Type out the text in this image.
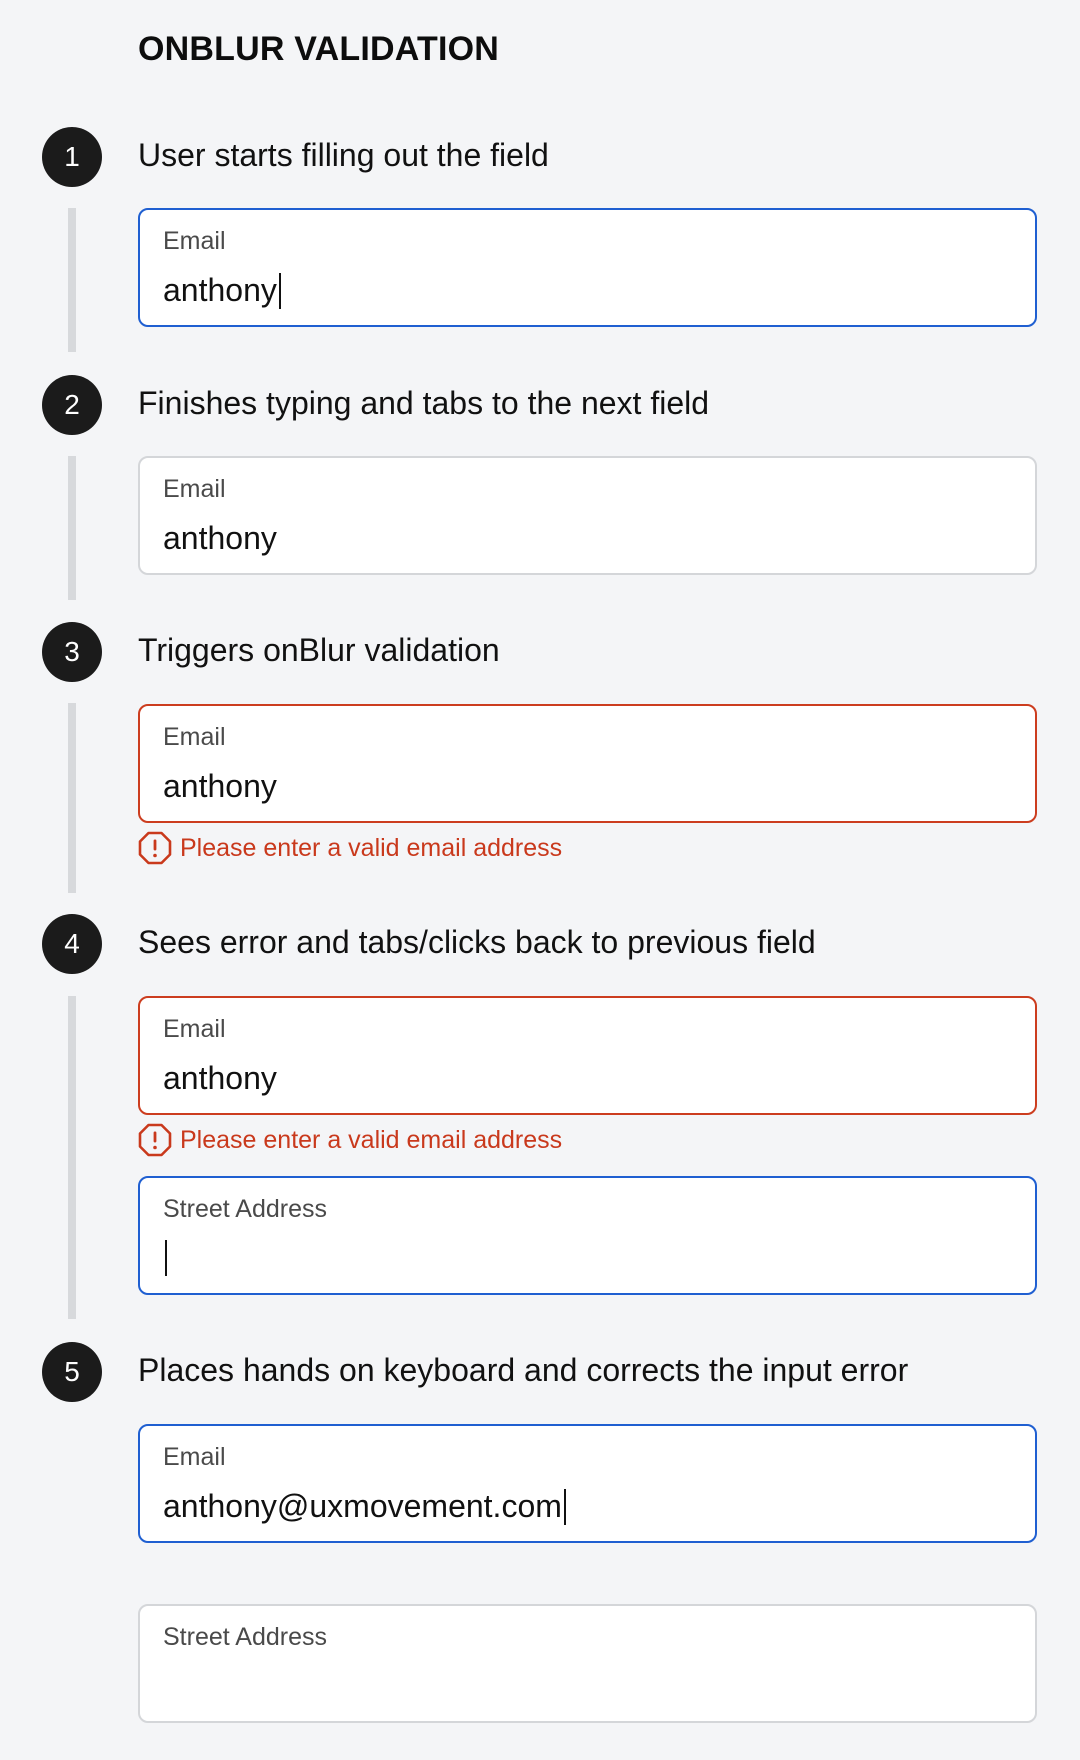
ONBLUR VALIDATION
1	User starts filling out the field
Email
anthony
2	Finishes typing and tabs to the next field
Email
anthony
3	Triggers onBlur validation
Email
anthony
Please enter a valid email address
4	Sees error and tabs/clicks back to previous field
Email
anthony
Please enter a valid email address
Street Address
5	Places hands on keyboard and corrects the input error
Email
anthony@uxmovement.com
Street Address
